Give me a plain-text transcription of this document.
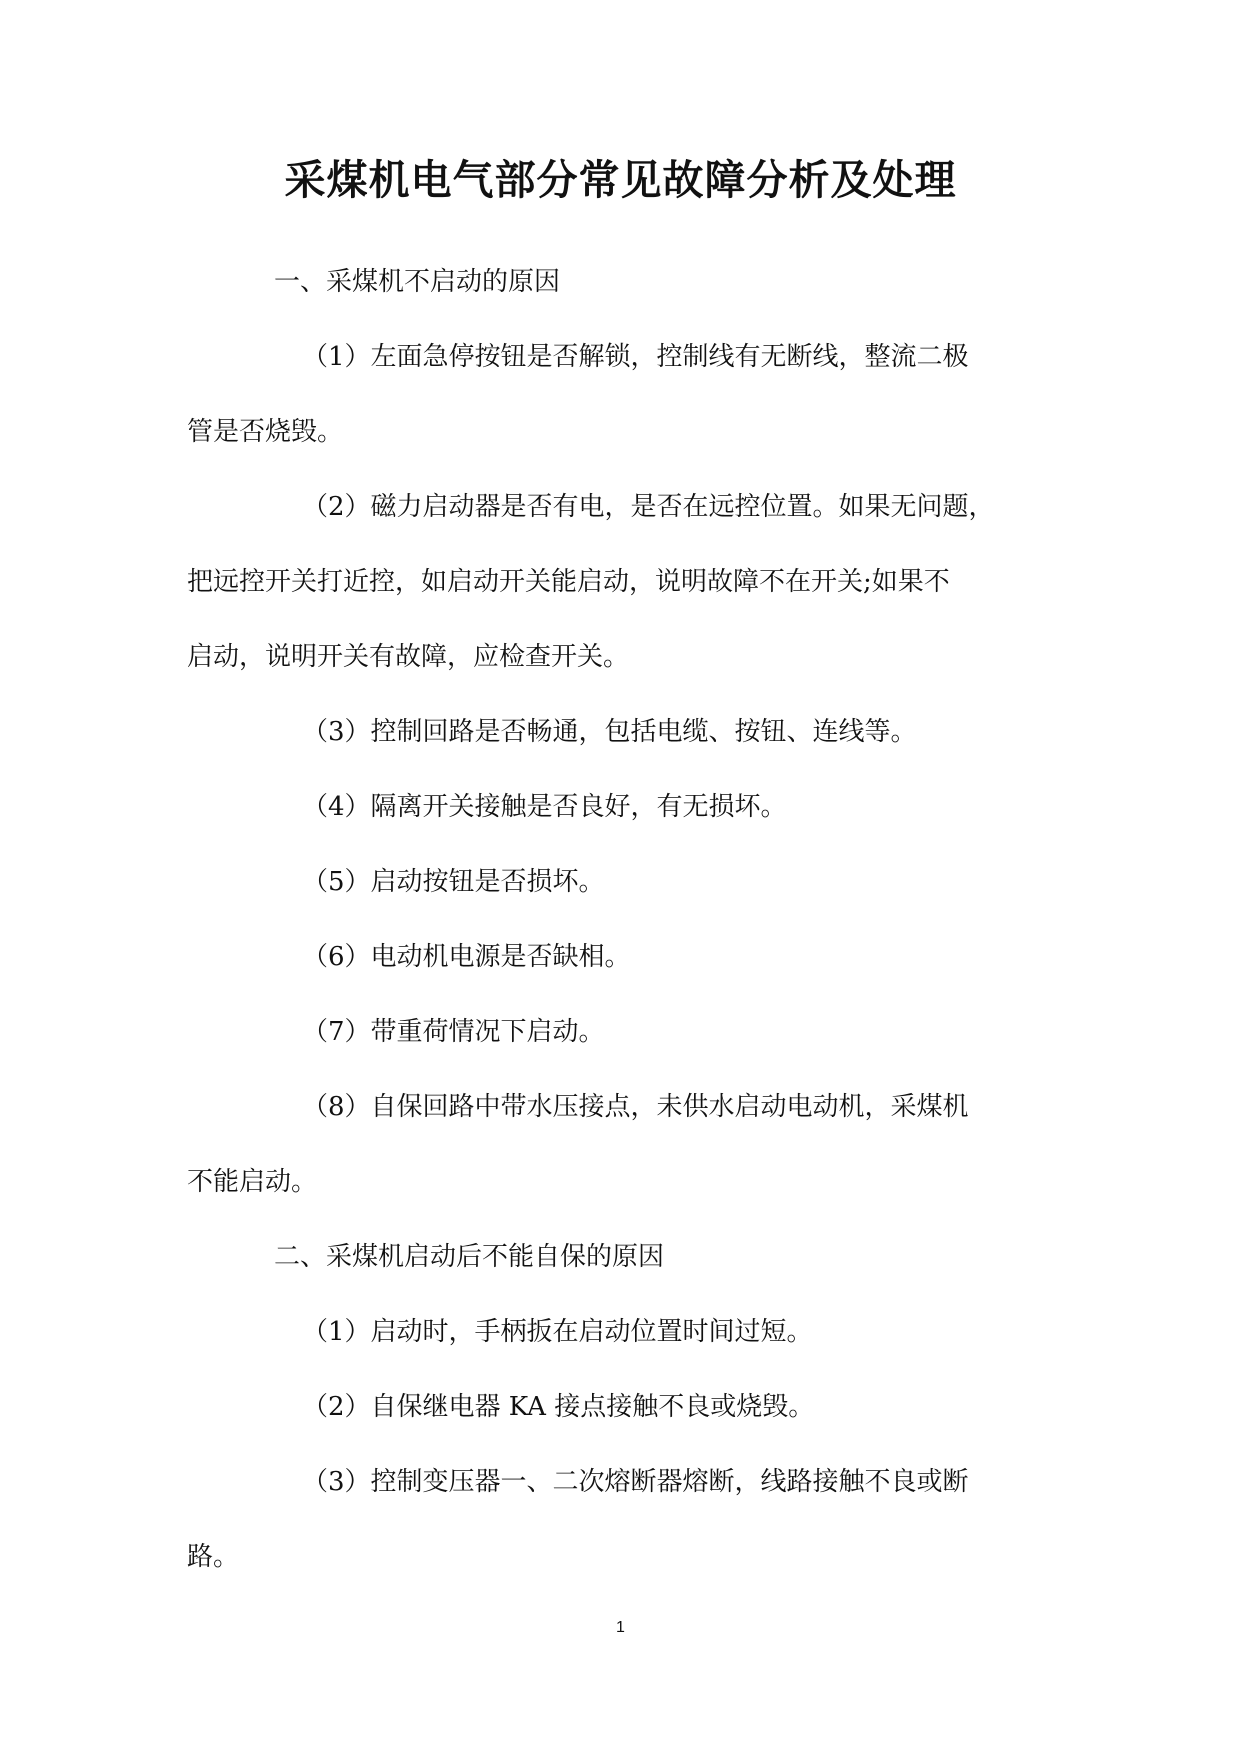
采煤机电气部分常见故障分析及处理
一、采煤机不启动的原因
（1）左面急停按钮是否解锁，控制线有无断线，整流二极
管是否烧毁。
（2）磁力启动器是否有电，是否在远控位置。如果无问题，
把远控开关打近控，如启动开关能启动，说明故障不在开关;如果不
启动，说明开关有故障，应检查开关。
（3）控制回路是否畅通，包括电缆、按钮、连线等。
（4）隔离开关接触是否良好，有无损坏。
（5）启动按钮是否损坏。
（6）电动机电源是否缺相。
（7）带重荷情况下启动。
（8）自保回路中带水压接点，未供水启动电动机，采煤机
不能启动。
二、采煤机启动后不能自保的原因
（1）启动时，手柄扳在启动位置时间过短。
（2）自保继电器 KA 接点接触不良或烧毁。
（3）控制变压器一、二次熔断器熔断，线路接触不良或断
路。
1
